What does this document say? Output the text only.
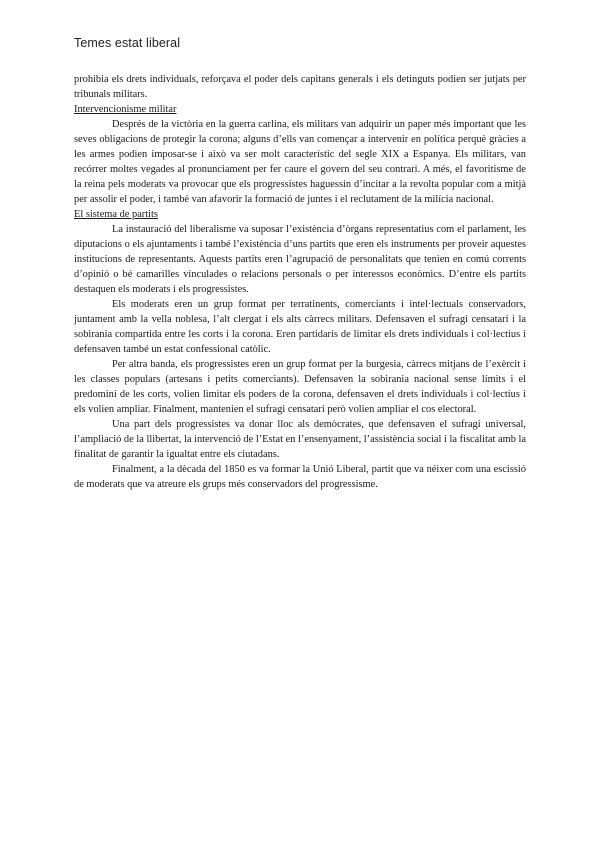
Temes estat liberal

prohibia els drets individuals, reforçava el poder dels capitans generals i els detinguts podien ser jutjats per tribunals militars.

Intervencionisme militar

Després de la victòria en la guerra carlina, els militars van adquirir un paper més important que les seves obligacions de protegir la corona; alguns d’ells van començar a intervenir en política perquè gràcies a les armes podien imposar-se i això va ser molt característic del segle XIX a Espanya. Els militars, van recórrer moltes vegades al pronunciament per fer caure el govern del seu contrari. A més, el favoritisme de la reina pels moderats va provocar que els progressistes haguessin d’incitar a la revolta popular com a mitjà per assolir el poder, i també van afavorir la formació de juntes i el reclutament de la milícia nacional.

El sistema de partits

La instauració del liberalisme va suposar l’existència d’òrgans representatius com el parlament, les diputacions o els ajuntaments i també l’existència d’uns partits que eren els instruments per proveir aquestes institucions de representants. Aquests partits eren l’agrupació de personalitats que tenien en comú corrents d’opinió o bé camarilles vinculades o relacions personals o per interessos econòmics. D’entre els partits destaquen els moderats i els progressistes.

Els moderats eren un grup format per terratinents, comerciants i intel·lectuals conservadors, juntament amb la vella noblesa, l’alt clergat i els alts càrrecs militars. Defensaven el sufragi censatari i la sobirania compartida entre les corts i la corona. Eren partidaris de limitar els drets individuals i col·lectius i defensaven també un estat confessional catòlic.

Per altra banda, els progressistes eren un grup format per la burgesia, càrrecs mitjans de l’exèrcit i les classes populars (artesans i petits comerciants). Defensaven la sobirania nacional sense límits i el predomini de les corts, volien limitar els poders de la corona, defensaven el drets individuals i col·lectius i els volien ampliar. Finalment, mantenien el sufragi censatari però volien ampliar el cos electoral.

Una part dels progressistes va donar lloc als demòcrates, que defensaven el sufragi universal, l’ampliació de la llibertat, la intervenció de l’Estat en l’ensenyament, l’assistència social i la fiscalitat amb la finalitat de garantir la igualtat entre els ciutadans.

Finalment, a la dècada del 1850 es va formar la Unió Liberal, partit que va néixer com una escissió de moderats que va atreure els grups més conservadors del progressisme.
